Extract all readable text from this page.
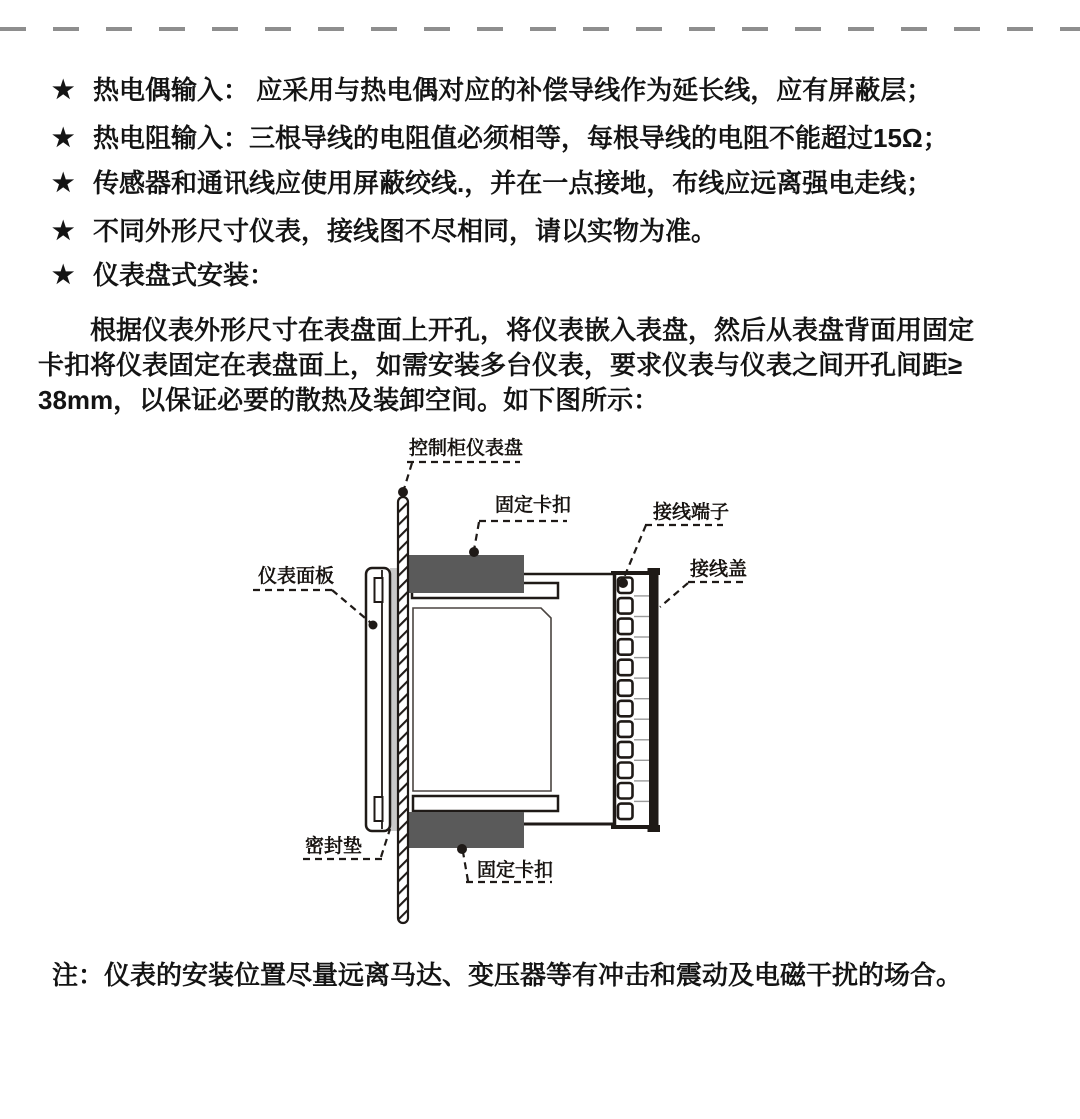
★ 热电偶输入： 应采用与热电偶对应的补偿导线作为延长线，应有屏蔽层；
★ 热电阻输入：三根导线的电阻值必须相等，每根导线的电阻不能超过15Ω；
★ 传感器和通讯线应使用屏蔽绞线.，并在一点接地，布线应远离强电走线；
★ 不同外形尺寸仪表，接线图不尽相同，请以实物为准。
★ 仪表盘式安装：
根据仪表外形尺寸在表盘面上开孔，将仪表嵌入表盘，然后从表盘背面用固定
卡扣将仪表固定在表盘面上，如需安装多台仪表，要求仪表与仪表之间开孔间距≥
38mm，以保证必要的散热及装卸空间。如下图所示：
控制柜仪表盘
固定卡扣	接线端子
接线盖
仪表面板
密封垫
固定卡扣
注：仪表的安装位置尽量远离马达、变压器等有冲击和震动及电磁干扰的场合。
